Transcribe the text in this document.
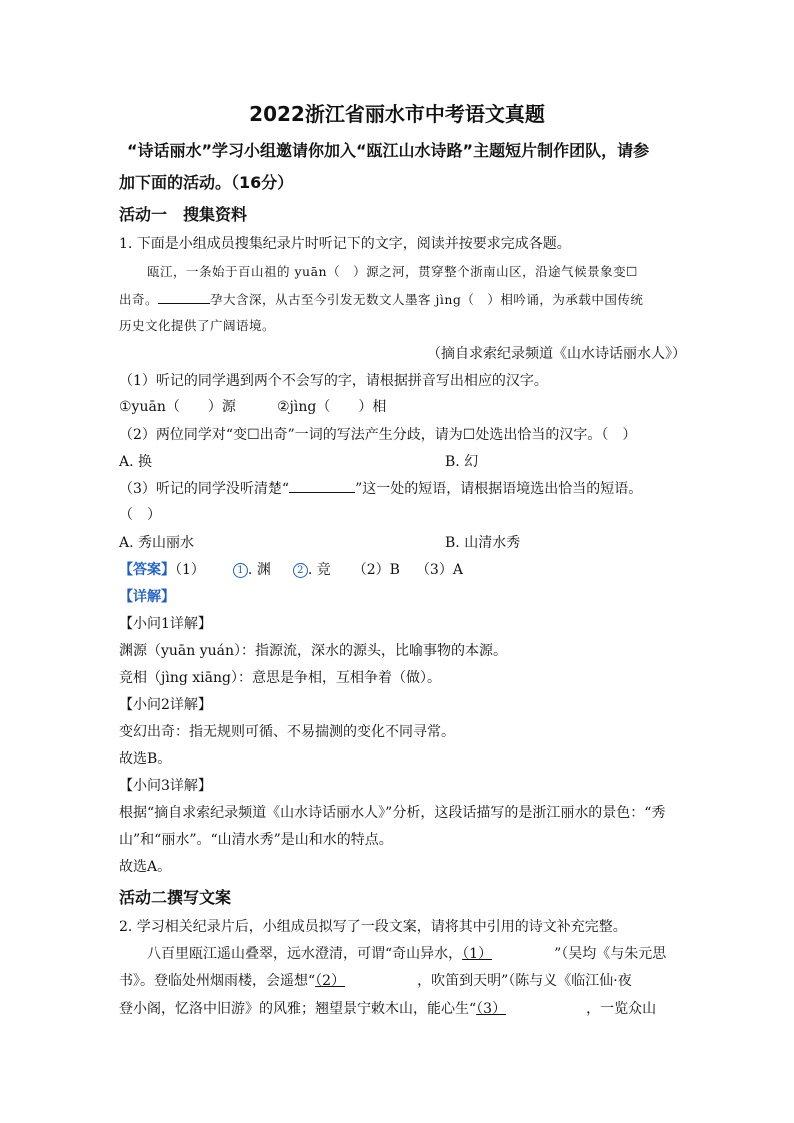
2022浙江省丽水市中考语文真题
“诗话丽水”学习小组邀请你加入“瓯江山水诗路”主题短片制作团队，请参
加下面的活动。（16分）
活动一　搜集资料
1. 下面是小组成员搜集纪录片时听记下的文字，阅读并按要求完成各题。
瓯江，一条始于百山祖的 yuān（　）源之河，贯穿整个浙南山区，沿途气候景象变☐
出奇。	孕大含深，从古至今引发无数文人墨客 jìng（　）相吟诵，为承载中国传统
历史文化提供了广阔语境。
（摘自求索纪录频道《山水诗话丽水人》）
（1）听记的同学遇到两个不会写的字，请根据拼音写出相应的汉字。
①yuān（　　）源	②jìng（　　）相
（2）两位同学对“变☐出奇”一词的写法产生分歧，请为☐处选出恰当的汉字。（　）
A. 换	B. 幻
（3）听记的同学没听清楚“	”这一处的短语，请根据语境选出恰当的短语。
（　）
A. 秀山丽水	B. 山清水秀
【答案】（1）	1 . 渊	2 . 竞 （2）B （3）A
【详解】
【小问1详解】
渊源（yuān yuán）：指源流，深水的源头，比喻事物的本源。
竞相（jìng xiāng）：意思是争相，互相争着（做）。
【小问2详解】
变幻出奇：指无规则可循、不易揣测的变化不同寻常。
故选B。
【小问3详解】
根据“摘自求索纪录频道《山水诗话丽水人》”分析，这段话描写的是浙江丽水的景色：“秀
山”和“丽水”。“山清水秀”是山和水的特点。
故选A。
活动二撰写文案
2. 学习相关纪录片后，小组成员拟写了一段文案，请将其中引用的诗文补充完整。
八百里瓯江遥山叠翠，远水澄清，可谓“奇山异水，（1）	”（吴均《与朱元思
书》。登临处州烟雨楼，会遥想“（2）	，吹笛到天明”（陈与义《临江仙·夜
登小阁，忆洛中旧游》的风雅；翘望景宁敕木山，能心生“（3）	，一览众山
